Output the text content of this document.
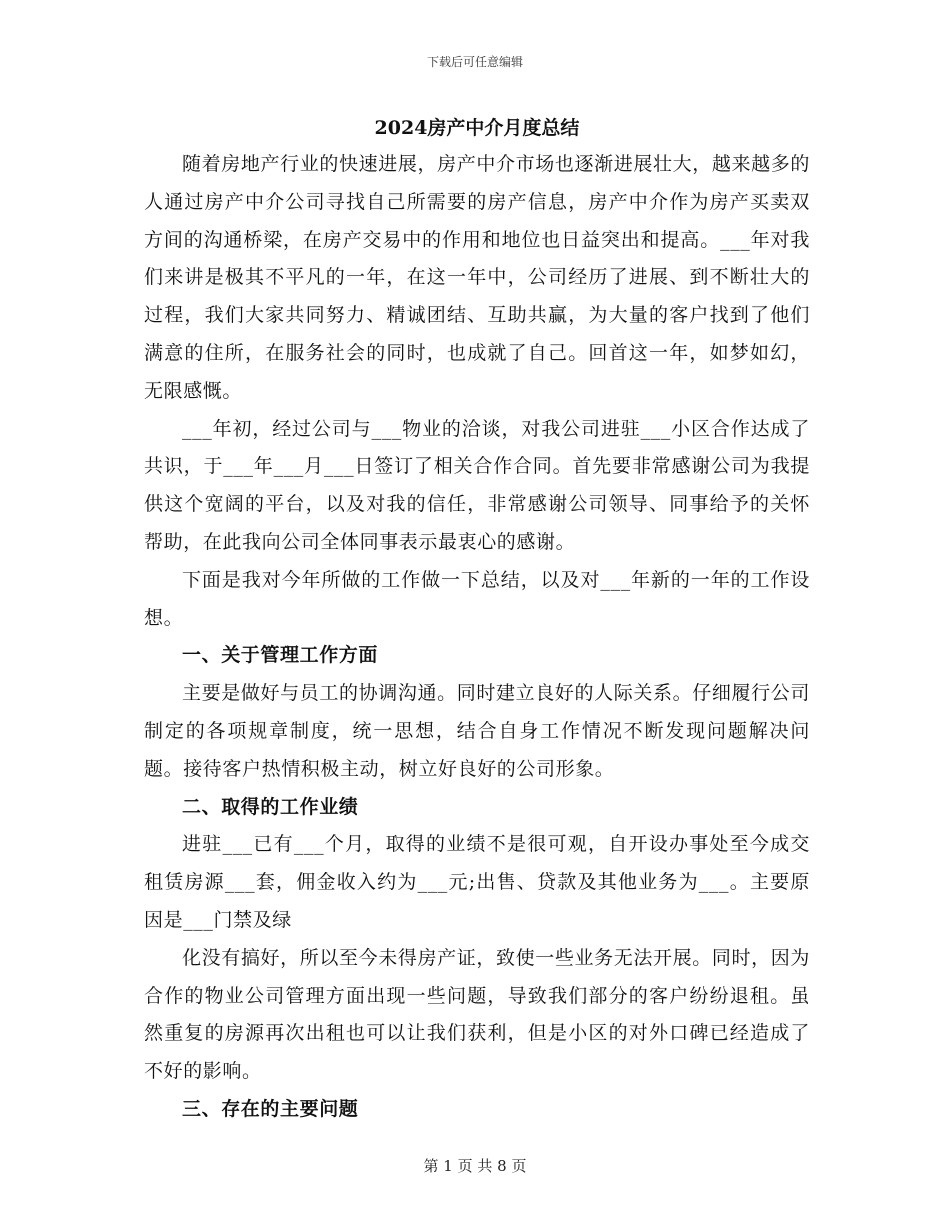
下载后可任意编辑
2024房产中介月度总结

随着房地产行业的快速进展，房产中介市场也逐渐进展壮大，越来越多的人通过房产中介公司寻找自己所需要的房产信息，房产中介作为房产买卖双方间的沟通桥梁，在房产交易中的作用和地位也日益突出和提高。___年对我们来讲是极其不平凡的一年，在这一年中，公司经历了进展、到不断壮大的过程，我们大家共同努力、精诚团结、互助共赢，为大量的客户找到了他们满意的住所，在服务社会的同时，也成就了自己。回首这一年，如梦如幻，无限感慨。

___年初，经过公司与___物业的洽谈，对我公司进驻___小区合作达成了共识，于___年___月___日签订了相关合作合同。首先要非常感谢公司为我提供这个宽阔的平台，以及对我的信任，非常感谢公司领导、同事给予的关怀帮助，在此我向公司全体同事表示最衷心的感谢。

下面是我对今年所做的工作做一下总结，以及对___年新的一年的工作设想。

一、关于管理工作方面

主要是做好与员工的协调沟通。同时建立良好的人际关系。仔细履行公司制定的各项规章制度，统一思想，结合自身工作情况不断发现问题解决问题。接待客户热情积极主动，树立好良好的公司形象。

二、取得的工作业绩

进驻___已有___个月，取得的业绩不是很可观，自开设办事处至今成交租赁房源___套，佣金收入约为___元;出售、贷款及其他业务为___。主要原因是___门禁及绿

化没有搞好，所以至今未得房产证，致使一些业务无法开展。同时，因为合作的物业公司管理方面出现一些问题，导致我们部分的客户纷纷退租。虽然重复的房源再次出租也可以让我们获利，但是小区的对外口碑已经造成了不好的影响。

三、存在的主要问题

第 1 页 共 8 页
